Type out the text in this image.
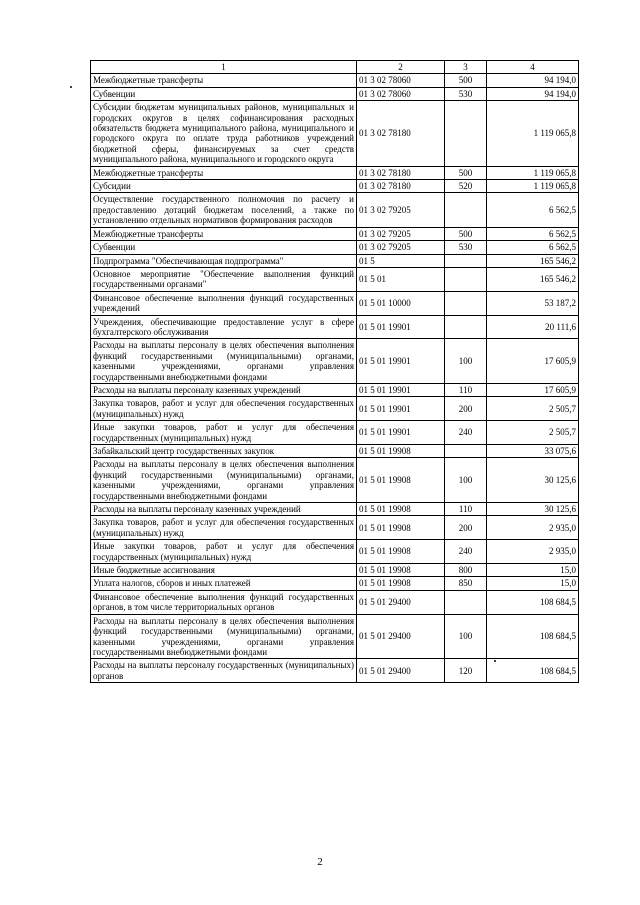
1	2	3	4
Межбюджетные трансферты	01 3 02 78060	500	94 194,0
Субвенции	01 3 02 78060	530	94 194,0
Субсидии бюджетам муниципальных районов, муниципальных и городских округов в целях софинансирования расходных обязательств бюджета муниципального района, муниципального и городского округа по оплате труда работников учреждений бюджетной сферы, финансируемых за счет средств муниципального района, муниципального и городского округа	01 3 02 78180		1 119 065,8
Межбюджетные трансферты	01 3 02 78180	500	1 119 065,8
Субсидии	01 3 02 78180	520	1 119 065,8
Осуществление государственного полномочия по расчету и предоставлению дотаций бюджетам поселений, а также по установлению отдельных нормативов формирования расходов	01 3 02 79205		6 562,5
Межбюджетные трансферты	01 3 02 79205	500	6 562,5
Субвенции	01 3 02 79205	530	6 562,5
Подпрограмма "Обеспечивающая подпрограмма"	01 5		165 546,2
Основное мероприятие "Обеспечение выполнения функций государственными органами"	01 5 01		165 546,2
Финансовое обеспечение выполнения функций государственных учреждений	01 5 01 10000		53 187,2
Учреждения, обеспечивающие предоставление услуг в сфере бухгалтерского обслуживания	01 5 01 19901		20 111,6
Расходы на выплаты персоналу в целях обеспечения выполнения функций государственными (муниципальными) органами, казенными учреждениями, органами управления государственными внебюджетными фондами	01 5 01 19901	100	17 605,9
Расходы на выплаты персоналу казенных учреждений	01 5 01 19901	110	17 605,9
Закупка товаров, работ и услуг для обеспечения государственных (муниципальных) нужд	01 5 01 19901	200	2 505,7
Иные закупки товаров, работ и услуг для обеспечения государственных (муниципальных) нужд	01 5 01 19901	240	2 505,7
Забайкальский центр государственных закупок	01 5 01 19908		33 075,6
Расходы на выплаты персоналу в целях обеспечения выполнения функций государственными (муниципальными) органами, казенными учреждениями, органами управления государственными внебюджетными фондами	01 5 01 19908	100	30 125,6
Расходы на выплаты персоналу казенных учреждений	01 5 01 19908	110	30 125,6
Закупка товаров, работ и услуг для обеспечения государственных (муниципальных) нужд	01 5 01 19908	200	2 935,0
Иные закупки товаров, работ и услуг для обеспечения государственных (муниципальных) нужд	01 5 01 19908	240	2 935,0
Иные бюджетные ассигнования	01 5 01 19908	800	15,0
Уплата налогов, сборов и иных платежей	01 5 01 19908	850	15,0
Финансовое обеспечение выполнения функций государственных органов, в том числе территориальных органов	01 5 01 29400		108 684,5
Расходы на выплаты персоналу в целях обеспечения выполнения функций государственными (муниципальными) органами, казенными учреждениями, органами управления государственными внебюджетными фондами	01 5 01 29400	100	108 684,5
Расходы на выплаты персоналу государственных (муниципальных) органов	01 5 01 29400	120	108 684,5
2
